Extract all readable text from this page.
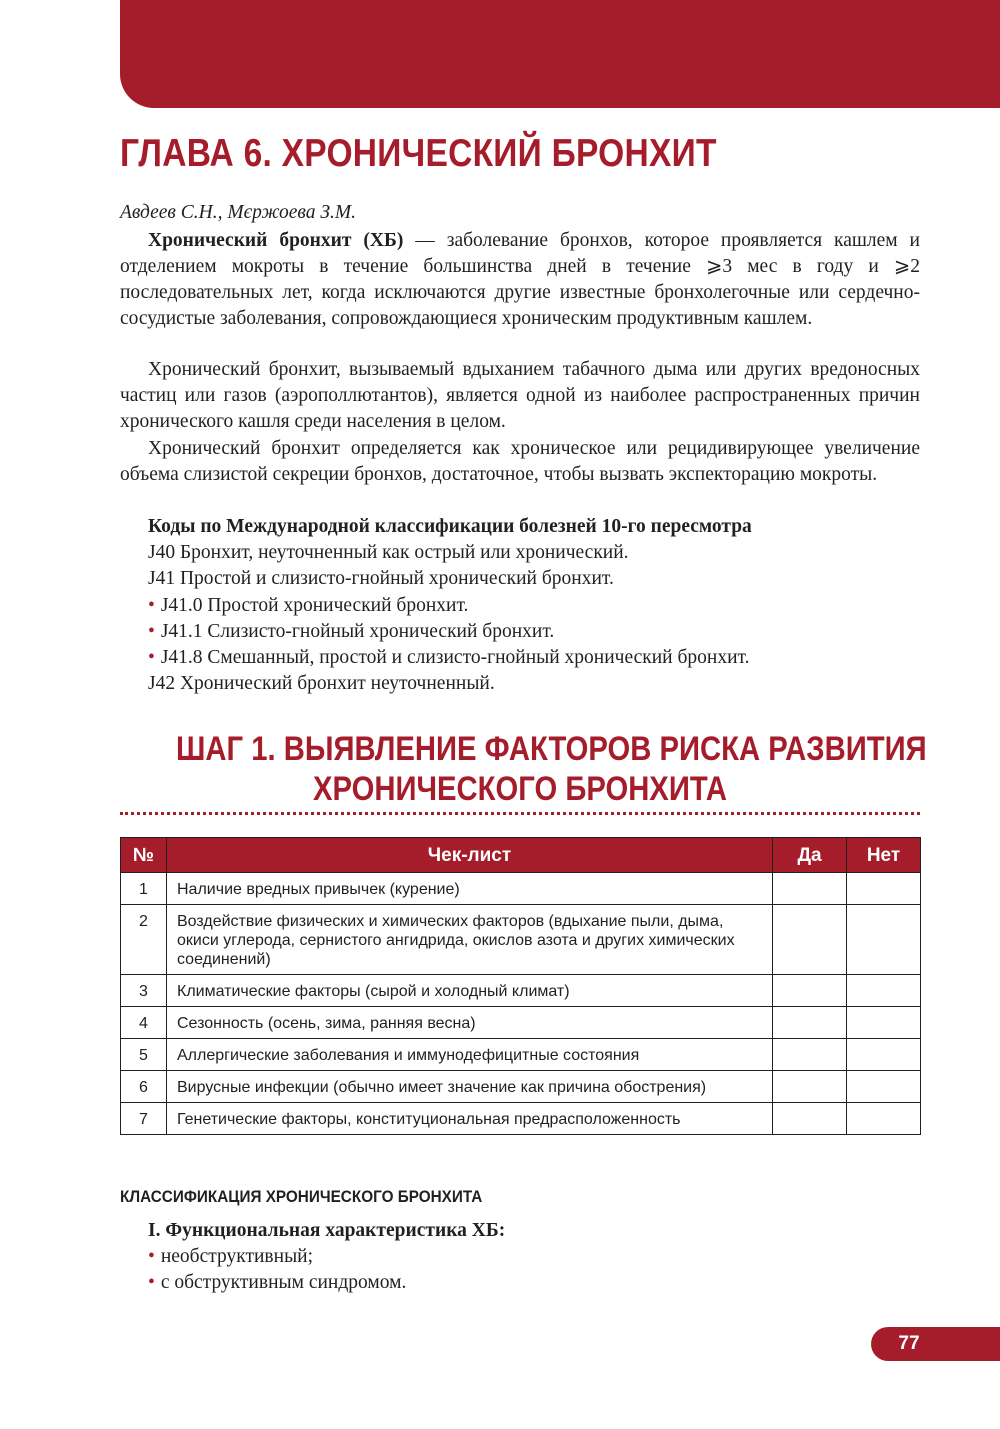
ГЛАВА 6. ХРОНИЧЕСКИЙ БРОНХИТ

Авдеев С.Н., Мєржоева З.М.

Хронический бронхит (ХБ) — заболевание бронхов, которое проявляется кашлем и отделением мокроты в течение большинства дней в течение ⩾3 мес в году и ⩾2 последовательных лет, когда исключаются другие известные бронхолегочные или сердечно-сосудистые заболевания, сопровождающиеся хроническим продуктивным кашлем.

Хронический бронхит, вызываемый вдыханием табачного дыма или других вредоносных частиц или газов (аэрополлютантов), является одной из наиболее распространенных причин хронического кашля среди населения в целом.

Хронический бронхит определяется как хроническое или рецидивирующее увеличение объема слизистой секреции бронхов, достаточное, чтобы вызвать экспекторацию мокроты.

Коды по Международной классификации болезней 10-го пересмотра
J40 Бронхит, неуточненный как острый или хронический.
J41 Простой и слизисто-гнойный хронический бронхит.
• J41.0 Простой хронический бронхит.
• J41.1 Слизисто-гнойный хронический бронхит.
• J41.8 Смешанный, простой и слизисто-гнойный хронический бронхит.
J42 Хронический бронхит неуточненный.
ШАГ 1. ВЫЯВЛЕНИЕ ФАКТОРОВ РИСКА РАЗВИТИЯ
ХРОНИЧЕСКОГО БРОНХИТА
№	Чек-лист	Да	Нет
1	Наличие вредных привычек (курение)		
2	Воздействие физических и химических факторов (вдыхание пыли, дыма, окиси углерода, сернистого ангидрида, окислов азота и других химических соединений)		
3	Климатические факторы (сырой и холодный климат)		
4	Сезонность (осень, зима, ранняя весна)		
5	Аллергические заболевания и иммунодефицитные состояния		
6	Вирусные инфекции (обычно имеет значение как причина обострения)		
7	Генетические факторы, конституциональная предрасположенность		
КЛАССИФИКАЦИЯ ХРОНИЧЕСКОГО БРОНХИТА
I. Функциональная характеристика ХБ:
• необструктивный;
• с обструктивным синдромом.
77
